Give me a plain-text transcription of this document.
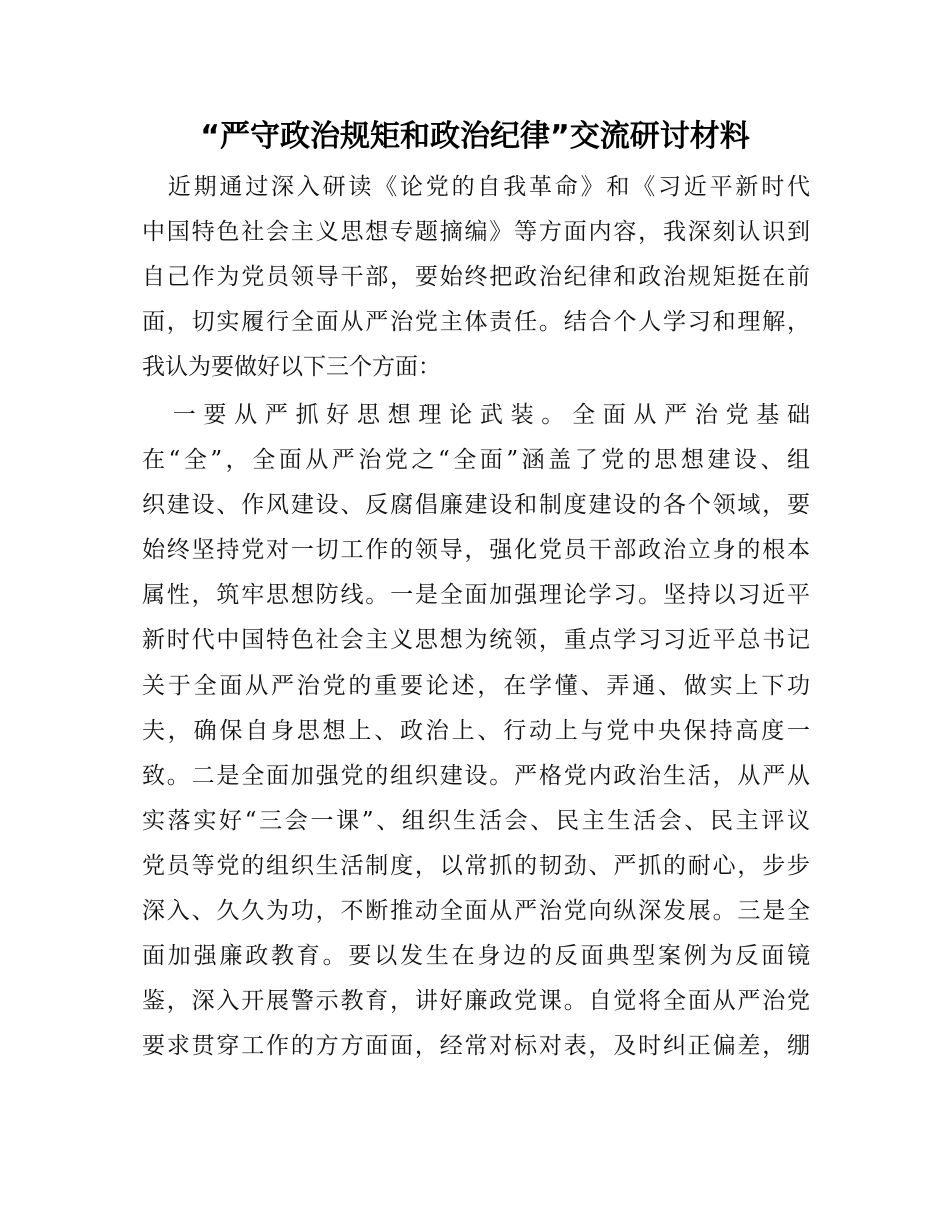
“严守政治规矩和政治纪律”交流研讨材料
　近期通过深入研读《论党的自我革命》和《习近平新时代
中国特色社会主义思想专题摘编》等方面内容，我深刻认识到
自己作为党员领导干部，要始终把政治纪律和政治规矩挺在前
面，切实履行全面从严治党主体责任。结合个人学习和理解，
我认为要做好以下三个方面：
　一要从严抓好思想理论武装。全面从严治党基础
在“全”，全面从严治党之“全面”涵盖了党的思想建设、组
织建设、作风建设、反腐倡廉建设和制度建设的各个领域，要
始终坚持党对一切工作的领导，强化党员干部政治立身的根本
属性，筑牢思想防线。一是全面加强理论学习。坚持以习近平
新时代中国特色社会主义思想为统领，重点学习习近平总书记
关于全面从严治党的重要论述，在学懂、弄通、做实上下功
夫，确保自身思想上、政治上、行动上与党中央保持高度一
致。二是全面加强党的组织建设。严格党内政治生活，从严从
实落实好“三会一课”、组织生活会、民主生活会、民主评议
党员等党的组织生活制度，以常抓的韧劲、严抓的耐心，步步
深入、久久为功，不断推动全面从严治党向纵深发展。三是全
面加强廉政教育。要以发生在身边的反面典型案例为反面镜
鉴，深入开展警示教育，讲好廉政党课。自觉将全面从严治党
要求贯穿工作的方方面面，经常对标对表，及时纠正偏差，绷
